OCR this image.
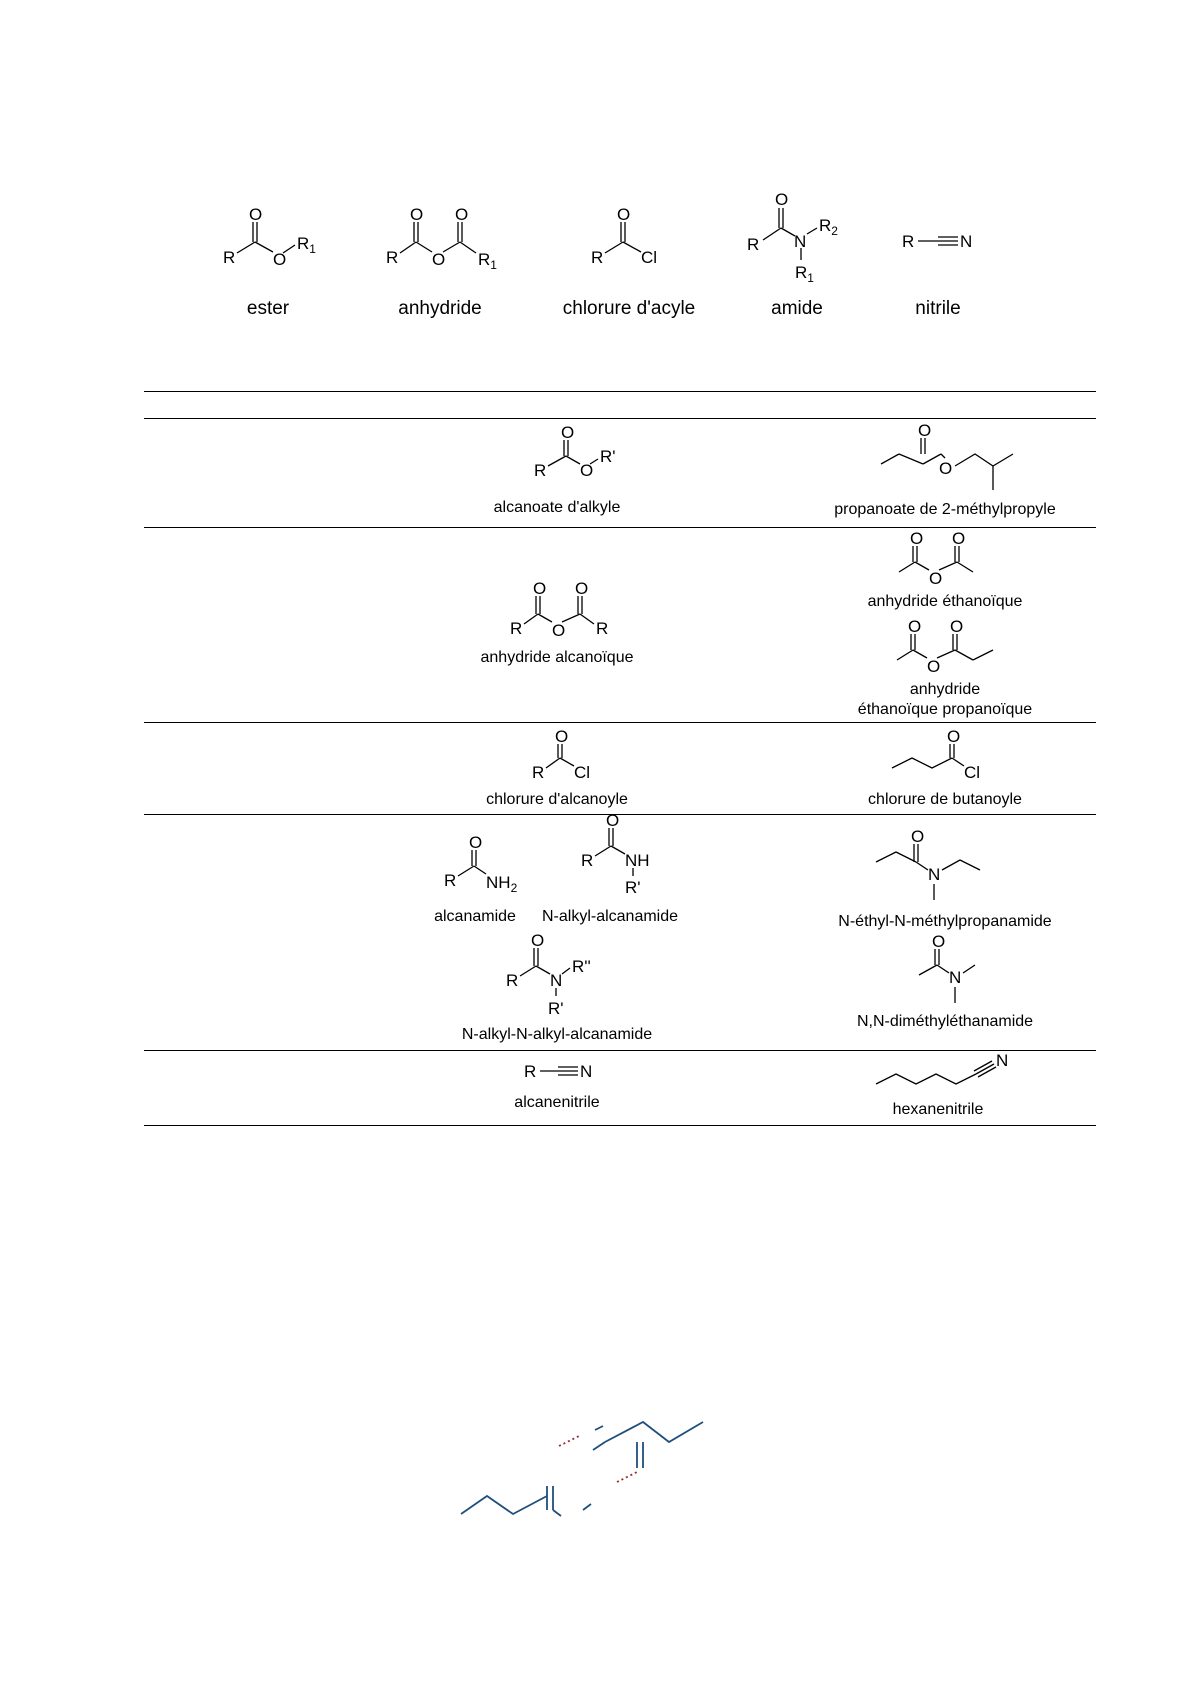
O
R O
$R_1$
ester
O O
R O $R_1$
anhydride
O
R Cl
chlorure d'acyle
O
R N
$R_2$
$R_1$
amide
R	N
nitrile
O
R O
R'
alcanoate d'alkyle
O
O
propanoate de 2-méthylpropyle
O O
R O R
anhydride alcanoïque
O O
O
anhydride éthanoïque
O O
O
anhydride
éthanoïque propanoïque
O
R Cl
chlorure d'alcanoyle
O
Cl
chlorure de butanoyle
O
R $NH_2$
alcanamide
O
R NH
R'
N-alkyl-alcanamide
O
R N
R''
R'
N-alkyl-N-alkyl-alcanamide
O
N
N-éthyl-N-méthylpropanamide
O
N
N,N-diméthyléthanamide
R	N
alcanenitrile
N
hexanenitrile
